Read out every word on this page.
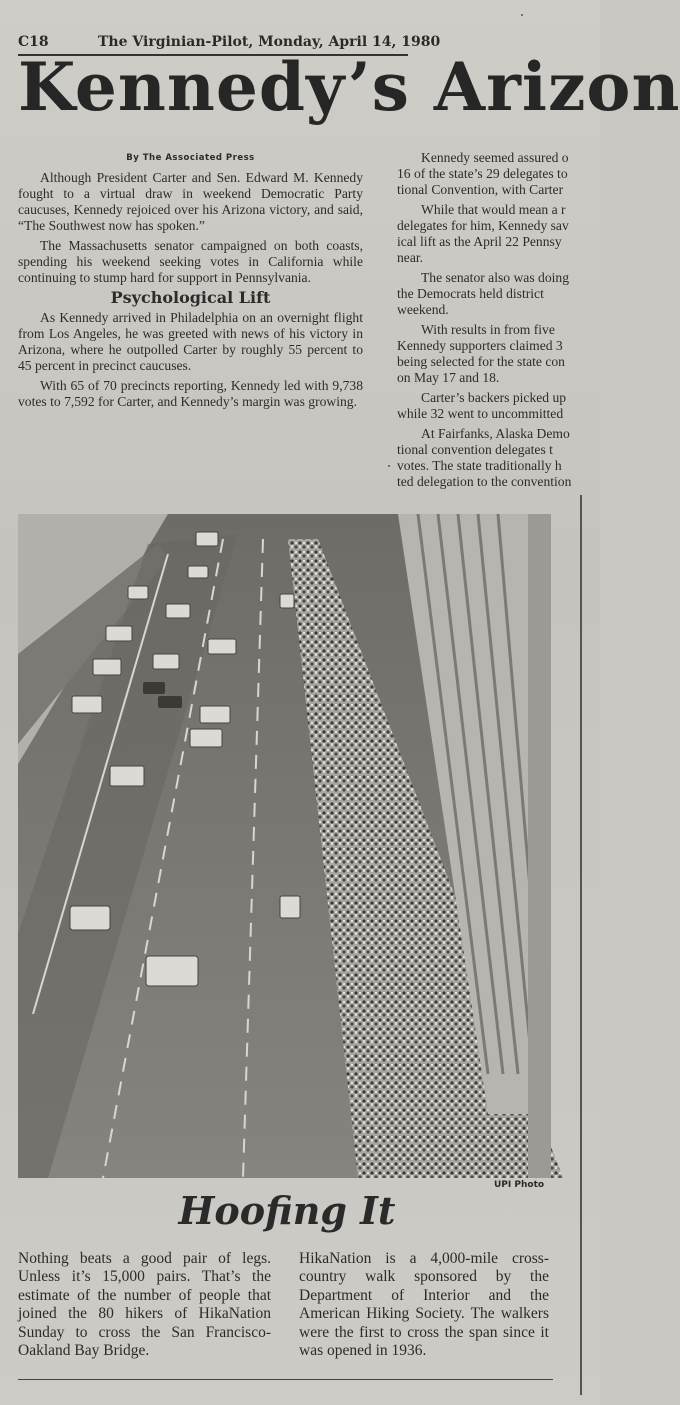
C18	The Virginian-Pilot, Monday, April 14, 1980
Kennedy’s Arizon

By The Associated Press

Although President Carter and Sen. Edward M. Kennedy fought to a virtual draw in weekend Democratic Party caucuses, Kennedy rejoiced over his Arizona victory, and said, “The Southwest now has spoken.”

The Massachusetts senator campaigned on both coasts, spending his weekend seeking votes in California while continuing to stump hard for support in Pennsylvania.

Psychological Lift

As Kennedy arrived in Philadelphia on an overnight flight from Los Angeles, he was greeted with news of his victory in Arizona, where he outpolled Carter by roughly 55 percent to 45 percent in precinct caucuses.

With 65 of 70 precincts reporting, Kennedy led with 9,738 votes to 7,592 for Carter, and Kennedy’s margin was growing.

Kennedy seemed assured o
16 of the state’s 29 delegates to
tional Convention, with Carter
While that would mean a r
delegates for him, Kennedy sav
ical lift as the April 22 Pennsy
near.
The senator also was doing
the Democrats held district
weekend.
With results in from five
Kennedy supporters claimed 3
being selected for the state con
on May 17 and 18.
Carter’s backers picked up
while 32 went to uncommitted
At Fairfanks, Alaska Demo
tional convention delegates t
votes. The state traditionally h
ted delegation to the convention
UPI Photo
Hoofing It
Nothing beats a good pair of legs. Unless it’s 15,000 pairs. That’s the estimate of the number of people that joined the 80 hikers of HikaNation Sunday to cross the San Francisco-Oakland Bay Bridge.
HikaNation is a 4,000-mile cross-country walk sponsored by the Department of Interior and the American Hiking Society. The walkers were the first to cross the span since it was opened in 1936.
